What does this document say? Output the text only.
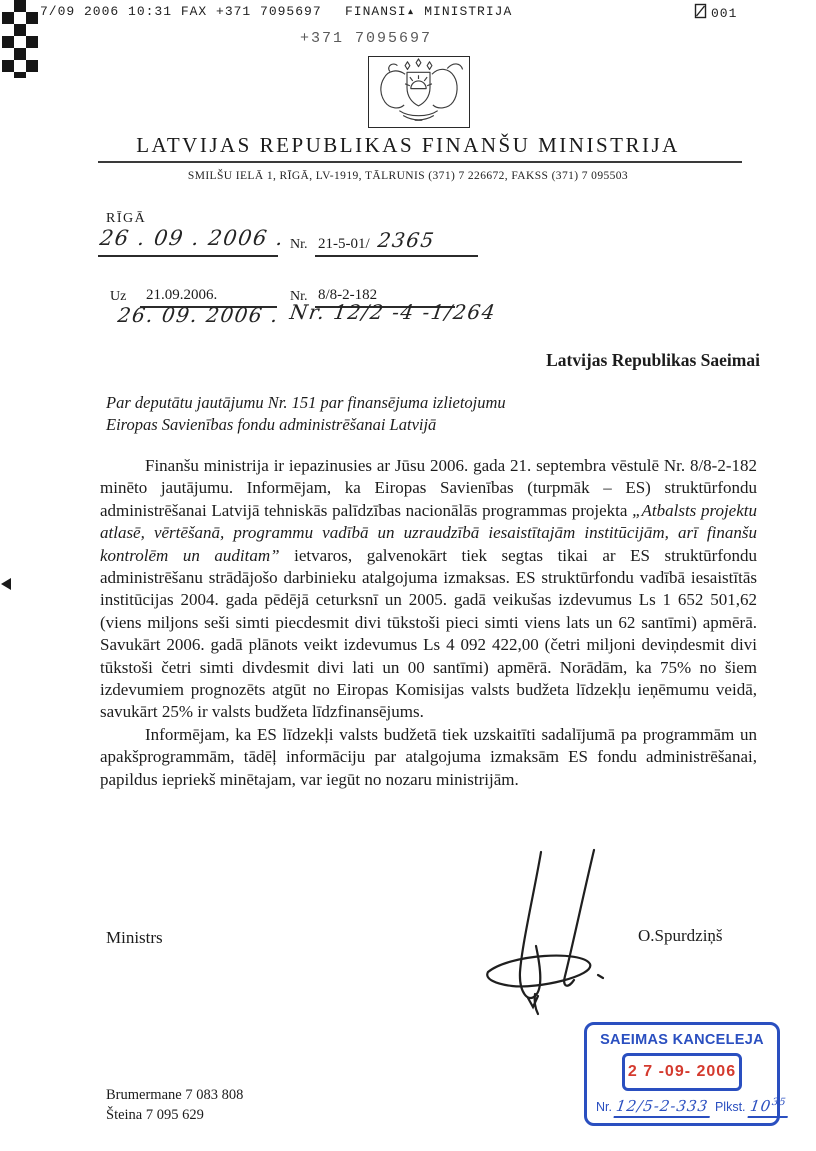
7/09 2006 10:31 FAX +371 7095697 FINANSI▴ MINISTRIJA	001
+371 7095697
LATVIJAS REPUBLIKAS FINANŠU MINISTRIJA
SMILŠU IELĀ 1, RĪGĀ, LV-1919, TĀLRUNIS (371) 7 226672, FAKSS (371) 7 095503
RĪGĀ
26 . 09 . 2006 . Nr. 21-5-01/ 2365
Uz 21.09.2006.	Nr. 8/8-2-182
26. 09. 2006 . Nr. 12/2 -4 -1/264
Latvijas Republikas Saeimai
Par deputātu jautājumu Nr. 151 par finansējuma izlietojumu
Eiropas Savienības fondu administrēšanai Latvijā

Finanšu ministrija ir iepazinusies ar Jūsu 2006. gada 21. septembra vēstulē Nr. 8/8-2-182 minēto jautājumu. Informējam, ka Eiropas Savienības (turpmāk – ES) struktūrfondu administrēšanai Latvijā tehniskās palīdzības nacionālās programmas projekta „Atbalsts projektu atlasē, vērtēšanā, programmu vadībā un uzraudzībā iesaistītajām institūcijām, arī finanšu kontrolēm un auditam” ietvaros, galvenokārt tiek segtas tikai ar ES struktūrfondu administrēšanu strādājošo darbinieku atalgojuma izmaksas. ES struktūrfondu vadībā iesaistītās institūcijas 2004. gada pēdējā ceturksnī un 2005. gadā veikušas izdevumus Ls 1 652 501,62 (viens miljons seši simti piecdesmit divi tūkstoši pieci simti viens lats un 62 santīmi) apmērā. Savukārt 2006. gadā plānots veikt izdevumus Ls 4 092 422,00 (četri miljoni deviņdesmit divi tūkstoši četri simti divdesmit divi lati un 00 santīmi) apmērā. Norādām, ka 75% no šiem izdevumiem prognozēts atgūt no Eiropas Komisijas valsts budžeta līdzekļu ieņēmumu veidā, savukārt 25% ir valsts budžeta līdzfinansējums.

Informējam, ka ES līdzekļi valsts budžetā tiek uzskaitīti sadalījumā pa programmām un apakšprogrammām, tādēļ informāciju par atalgojuma izmaksām ES fondu administrēšanai, papildus iepriekš minētajam, var iegūt no nozaru ministrijām.

Ministrs	O.Spurdziņš
SAEIMAS KANCELEJA
2 7 -09- 2006
Nr. 12/5-2-333 Plkst. $10^{35}$
Brumermane 7 083 808
Šteina 7 095 629
